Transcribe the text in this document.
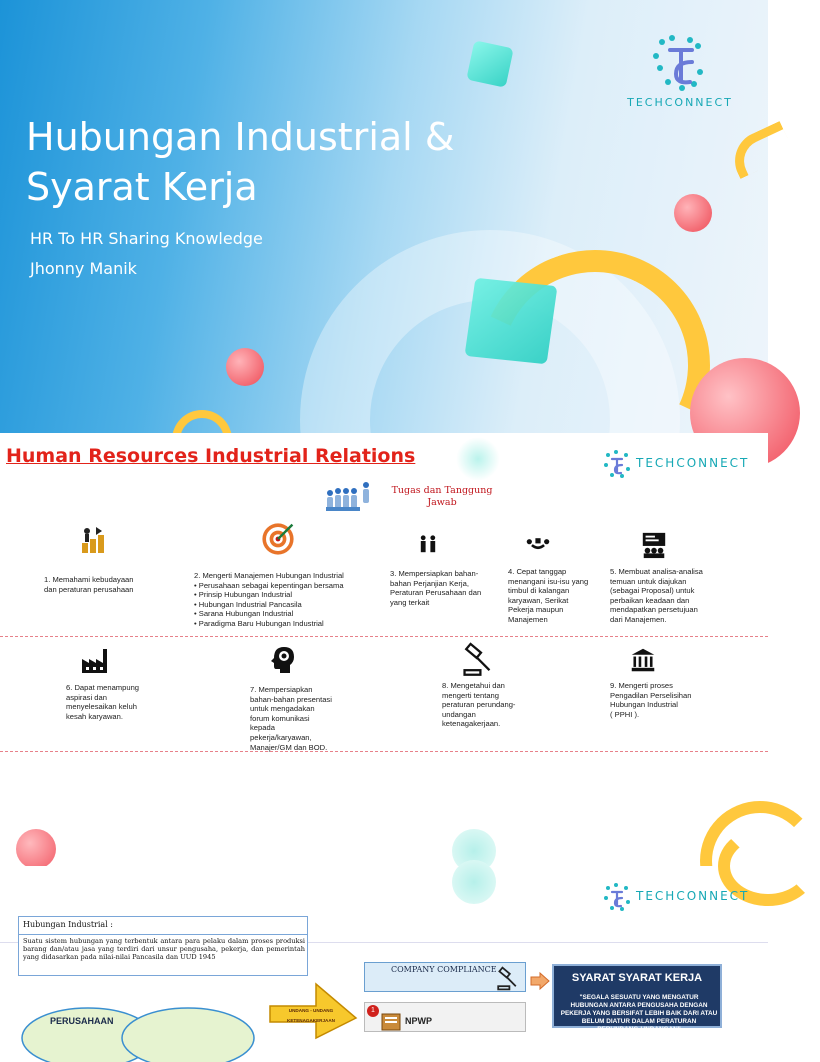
Hubungan Industrial &
Syarat Kerja
HR To HR Sharing Knowledge
Jhonny Manik
TECHCONNECT
Human Resources Industrial Relations	TECHCONNECT
Tugas dan Tanggung
Jawab
1. Memahami kebudayaan
dan peraturan perusahaan
2. Mengerti Manajemen Hubungan Industrial
• Perusahaan sebagai kepentingan bersama
• Prinsip Hubungan Industrial
• Hubungan Industrial Pancasila
• Sarana Hubungan Industrial
• Paradigma Baru Hubungan Industrial
3. Mempersiapkan bahan-
bahan Perjanjian Kerja,
Peraturan Perusahaan dan
yang terkait
4. Cepat tanggap
menangani isu-isu yang
timbul di kalangan
karyawan, Serikat
Pekerja maupun
Manajemen
5. Membuat analisa-analisa
temuan untuk diajukan
(sebagai Proposal) untuk
perbaikan keadaan dan
mendapatkan persetujuan
dari Manajemen.
6. Dapat menampung
aspirasi dan
menyelesaikan keluh
kesah karyawan.
7. Mempersiapkan
bahan-bahan presentasi
untuk mengadakan
forum komunikasi
kepada
pekerja/karyawan,
Manajer/GM dan BOD.
8. Mengetahui dan
mengerti tentang
peraturan perundang-
undangan
ketenagakerjaan.
9. Mengerti proses
Pengadilan Perselisihan
Hubungan Industrial
( PPHI ).
TECHCONNECT
Hubungan Industrial :
Suatu sistem hubungan yang terbentuk antara para pelaku dalam proses produksi barang dan/atau jasa yang terdiri dari unsur pengusaha, pekerja, dan pemerintah yang didasarkan pada nilai-nilai Pancasila dan UUD 1945
COMPANY COMPLIANCE
SYARAT SYARAT KERJA
"SEGALA SESUATU YANG MENGATUR HUBUNGAN ANTARA PENGUSAHA DENGAN PEKERJA YANG BERSIFAT LEBIH BAIK DARI ATAU BELUM DIATUR DALAM PERATURAN PERUNDANG-UNDANGAN"
PERUSAHAAN
UNDANG - UNDANG
KETENAGAKERJAAN
1
NPWP
